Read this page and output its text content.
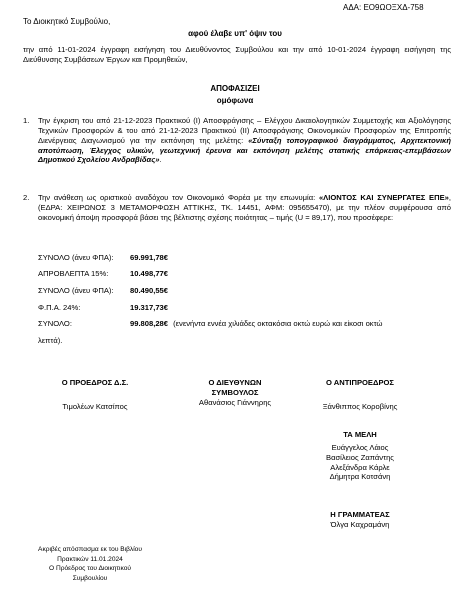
ΑΔΑ: ΕΟ9ΩΟΞΧΔ-758
Το Διοικητικό Συμβούλιο,
αφού έλαβε υπ' όψιν του
την από 11-01-2024 έγγραφη εισήγηση του Διευθύνοντος Συμβούλου και την από 10-01-2024 έγγραφη εισήγηση της Διεύθυνσης Συμβάσεων Έργων και Προμηθειών,
ΑΠΟΦΑΣΙΖΕΙ
ομόφωνα
1. Την έγκριση του από 21-12-2023 Πρακτικού (Ι) Αποσφράγισης – Ελέγχου Δικαιολογητικών Συμμετοχής και Αξιολόγησης Τεχνικών Προσφορών & του από 21-12-2023 Πρακτικού (ΙΙ) Αποσφράγισης Οικονομικών Προσφορών της Επιτροπής Διενέργειας Διαγωνισμού για την εκπόνηση της μελέτης: «Σύνταξη τοπογραφικού διαγράμματος, Αρχιτεκτονική αποτύπωση, Έλεγχος υλικών, γεωτεχνική έρευνα και εκπόνηση μελέτης στατικής επάρκειας-επεμβάσεων Δημοτικού Σχολείου Ανδραβίδας».
2. Την ανάθεση ως οριστικού αναδόχου τον Οικονομικό Φορέα με την επωνυμία: «ΛΙΟΝΤΟΣ ΚΑΙ ΣΥΝΕΡΓΑΤΕΣ ΕΠΕ», (ΕΔΡΑ: ΧΕΙΡΩΝΟΣ 3 ΜΕΤΑΜΟΡΦΩΣΗ ΑΤΤΙΚΗΣ, ΤΚ. 14451, ΑΦΜ: 095655470), με την πλέον συμφέρουσα από οικονομική άποψη προσφορά βάσει της βέλτιστης σχέσης ποιότητας – τιμής (U = 89,17), που προσέφερε:
ΣΥΝΟΛΟ (άνευ ΦΠΑ): 69.991,78€
ΑΠΡΟΒΛΕΠΤΑ 15%:	10.498,77€
ΣΥΝΟΛΟ (άνευ ΦΠΑ): 80.490,55€
Φ.Π.Α. 24%:	19.317,73€
ΣΥΝΟΛΟ:	99.808,28€ (ενενήντα εννέα χιλιάδες οκτακόσια οκτώ ευρώ και είκοσι οκτώ
λεπτά).
Ο ΠΡΟΕΔΡΟΣ Δ.Σ.
Τιμολέων Κατσίπος
Ο ΔΙΕΥΘΥΝΩΝ
ΣΥΜΒΟΥΛΟΣ
Αθανάσιος Γιάννηρης
Ο ΑΝΤΙΠΡΟΕΔΡΟΣ
Ξάνθιππος Κοροβίνης
ΤΑ ΜΕΛΗ
Ευάγγελος Λάιος
Βασίλειος Ζαπάντης
Αλεξάνδρα Κάρλε
Δήμητρα Κοτσάνη
Η ΓΡΑΜΜΑΤΕΑΣ
Όλγα Καχραμάνη
Ακριβές απόσπασμα εκ του Βιβλίου
Πρακτικών 11.01.2024
Ο Πρόεδρος του Διοικητικού
Συμβουλίου
